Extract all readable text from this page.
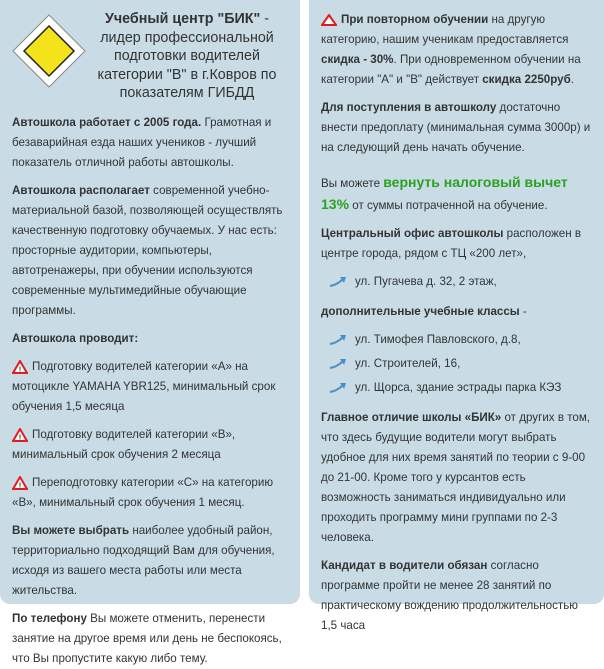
Учебный центр "БИК" - лидер профессиональной подготовки водителей категории "В" в г.Ковров по показателям ГИБДД

Автошкола работает с 2005 года. Грамотная и безаварийная езда наших учеников - лучший показатель отличной работы автошколы.

Автошкола располагает современной учебно-материальной базой, позволяющей осуществлять качественную подготовку обучаемых. У нас есть: просторные аудитории, компьютеры, автотренажеры, при обучении используются современные мультимедийные обучающие программы.

Автошкола проводит:

! Подготовку водителей категории «А» на мотоцикле YAMAHA YBR125, минимальный срок обучения 1,5 месяца

! Подготовку водителей категории «В», минимальный срок обучения 2 месяца

! Переподготовку категории «С» на категорию «В», минимальный срок обучения 1 месяц.

Вы можете выбрать наиболее удобный район, территориально подходящий Вам для обучения, исходя из вашего места работы или места жительства.

По телефону Вы можете отменить, перенести занятие на другое время или день не беспокоясь, что Вы пропустите какую либо тему.

При повторном обучении на другую категорию, нашим ученикам предоставляется скидка - 30%. При одновременном обучении на категории "А" и "В" действует скидка 2250руб.

Для поступления в автошколу достаточно внести предоплату (минимальная сумма 3000р) и на следующий день начать обучение.

Вы можете вернуть налоговый вычет 13% от суммы потраченной на обучение.

Центральный офис автошколы расположен в центре города, рядом с ТЦ «200 лет»,

ул. Пугачева д. 32, 2 этаж,

дополнительные учебные классы -

ул. Тимофея Павловского, д.8,
ул. Строителей, 16,
ул. Щорса, здание эстрады парка КЭЗ

Главное отличие школы «БИК» от других в том, что здесь будущие водители могут выбрать удобное для них время занятий по теории с 9-00 до 21-00. Кроме того у курсантов есть возможность заниматься индивидуально или проходить программу мини группами по 2-3 человека.

Кандидат в водители обязан согласно программе пройти не менее 28 занятий по практическому вождению продолжительностью 1,5 часа
